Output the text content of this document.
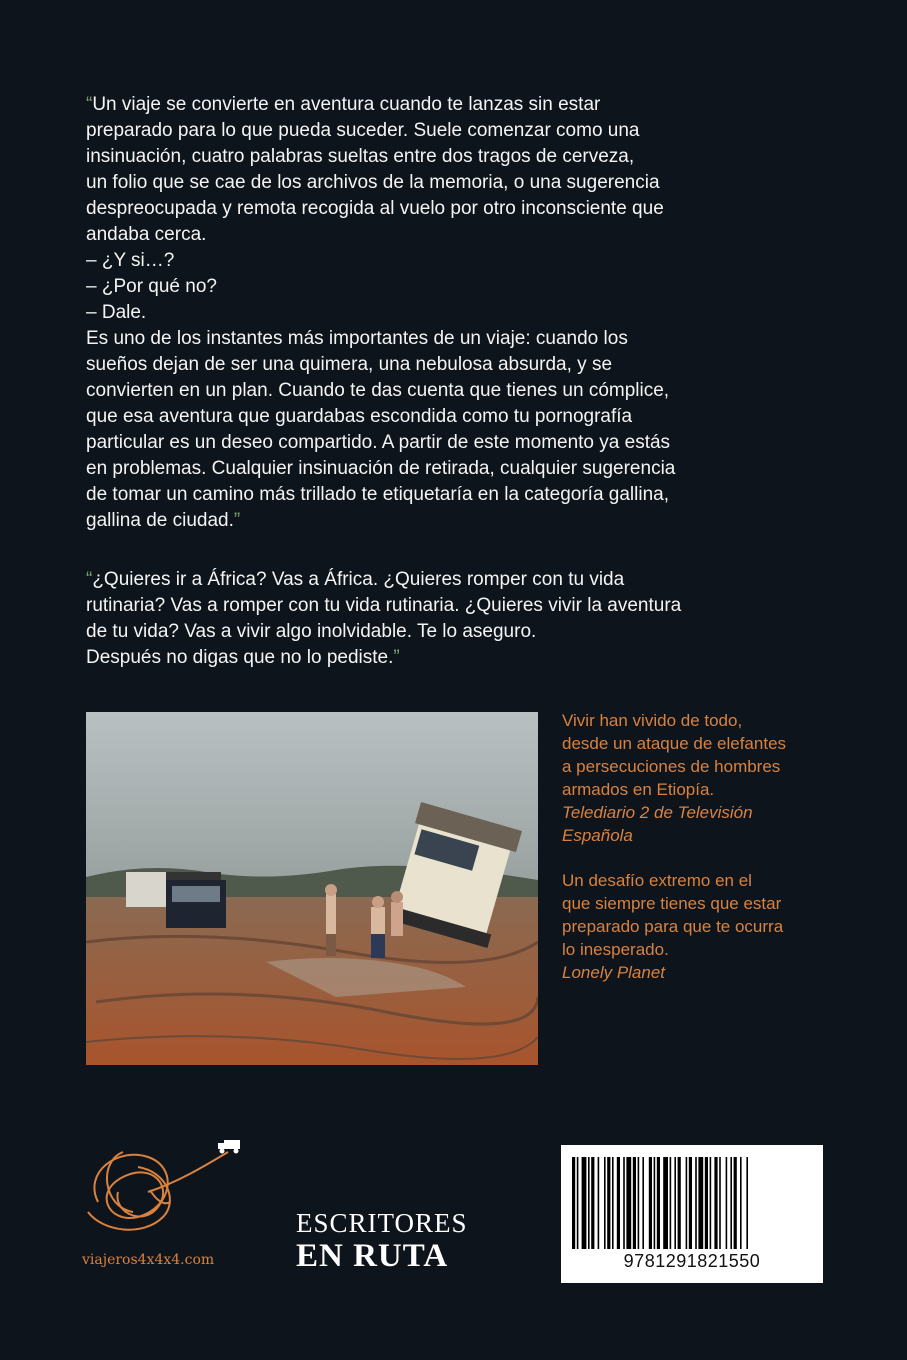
“Un viaje se convierte en aventura cuando te lanzas sin estar

preparado para lo que pueda suceder. Suele comenzar como una

insinuación, cuatro palabras sueltas entre dos tragos de cerveza,

un folio que se cae de los archivos de la memoria, o una sugerencia

despreocupada y remota recogida al vuelo por otro inconsciente que

andaba cerca.

– ¿Y si…?

– ¿Por qué no?

– Dale.

Es uno de los instantes más importantes de un viaje: cuando los

sueños dejan de ser una quimera, una nebulosa absurda, y se

convierten en un plan. Cuando te das cuenta que tienes un cómplice,

que esa aventura que guardabas escondida como tu pornografía

particular es un deseo compartido. A partir de este momento ya estás

en problemas. Cualquier insinuación de retirada, cualquier sugerencia

de tomar un camino más trillado te etiquetaría en la categoría gallina,

gallina de ciudad.”

“¿Quieres ir a África? Vas a África. ¿Quieres romper con tu vida

rutinaria? Vas a romper con tu vida rutinaria. ¿Quieres vivir la aventura

de tu vida? Vas a vivir algo inolvidable. Te lo aseguro.

Después no digas que no lo pediste.”

Vivir han vivido de todo,

desde un ataque de elefantes

a persecuciones de hombres

armados en Etiopía.

Telediario 2 de Televisión

Española

Un desafío extremo en el

que siempre tienes que estar

preparado para que te ocurra

lo inesperado.

Lonely Planet

viajeros4x4x4.com
ESCRITORES
EN RUTA	9781291821550
